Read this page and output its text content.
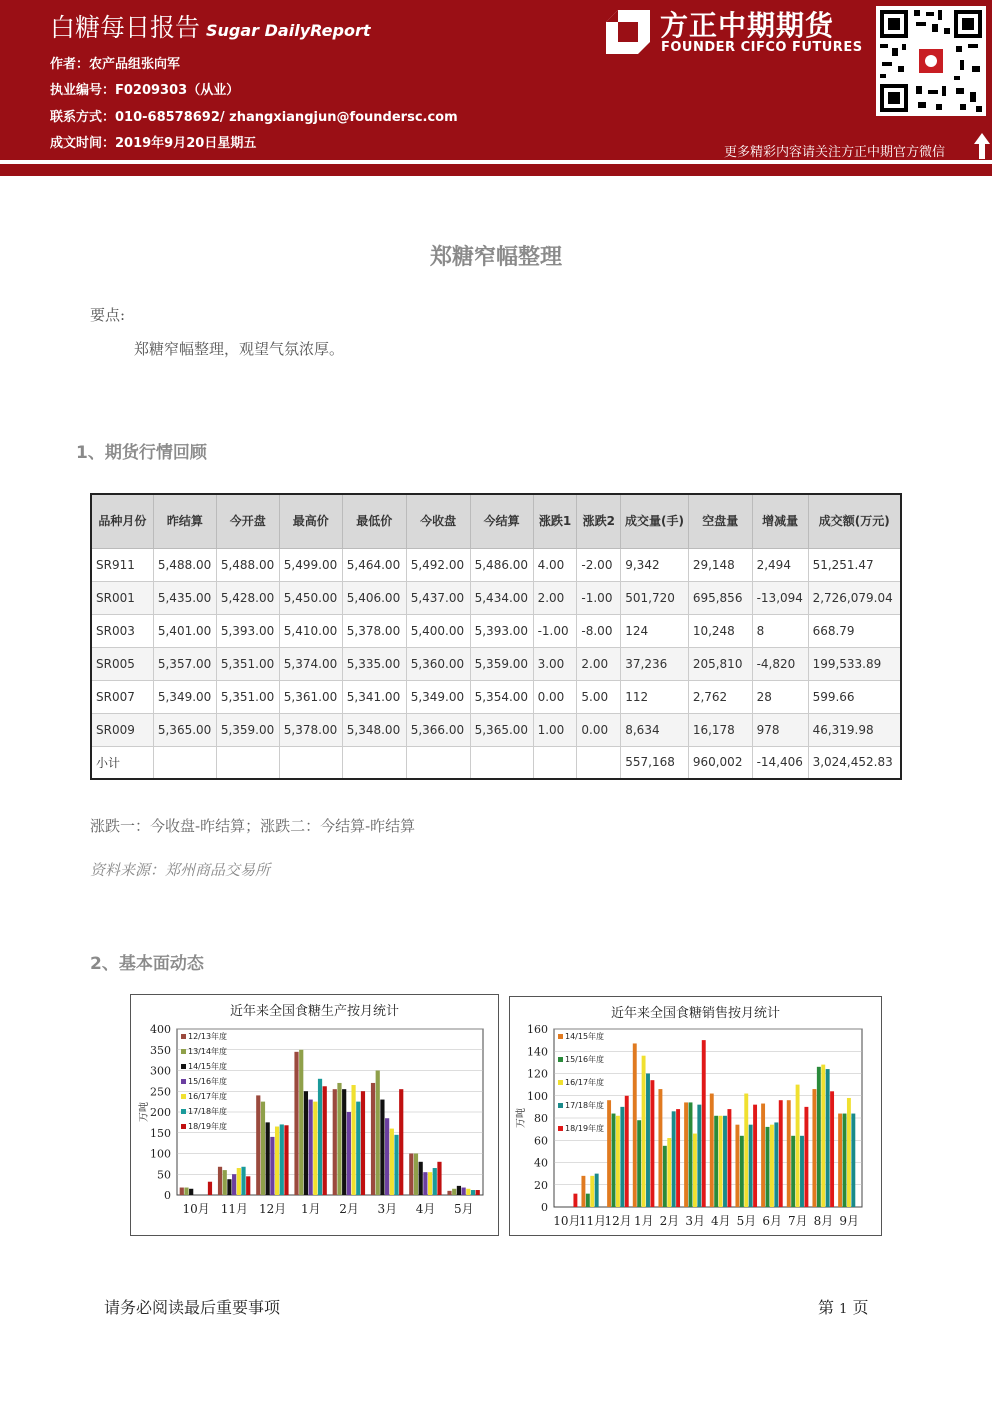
白糖每日报告 Sugar DailyReport
作者：农产品组张向军
执业编号：F0209303（从业）
联系方式：010-68578692/ zhangxiangjun@foundersc.com
成文时间：2019年9月20日星期五
方正中期期货
FOUNDER CIFCO FUTURES
更多精彩内容请关注方正中期官方微信
郑糖窄幅整理
要点:
郑糖窄幅整理，观望气氛浓厚。
1、期货行情回顾
品种月份	昨结算	今开盘	最高价	最低价	今收盘	今结算	涨跌1	涨跌2	成交量(手)	空盘量	增减量	成交额(万元)
SR911	5,488.00	5,488.00	5,499.00	5,464.00	5,492.00	5,486.00	4.00	-2.00	9,342	29,148	2,494	51,251.47
SR001	5,435.00	5,428.00	5,450.00	5,406.00	5,437.00	5,434.00	2.00	-1.00	501,720	695,856	-13,094	2,726,079.04
SR003	5,401.00	5,393.00	5,410.00	5,378.00	5,400.00	5,393.00	-1.00	-8.00	124	10,248	8	668.79
SR005	5,357.00	5,351.00	5,374.00	5,335.00	5,360.00	5,359.00	3.00	2.00	37,236	205,810	-4,820	199,533.89
SR007	5,349.00	5,351.00	5,361.00	5,341.00	5,349.00	5,354.00	0.00	5.00	112	2,762	28	599.66
SR009	5,365.00	5,359.00	5,378.00	5,348.00	5,366.00	5,365.00	1.00	0.00	8,634	16,178	978	46,319.98
小计									557,168	960,002	-14,406	3,024,452.83
涨跌一：今收盘-昨结算；涨跌二：今结算-昨结算
资料来源：郑州商品交易所
2、基本面动态
近年来全国食糖生产按月统计
0
50
100
150
200
250
300
350
400
万吨
10月 11月 12月 1月 2月 3月 4月 5月
12/13年度
13/14年度
14/15年度
15/16年度
16/17年度
17/18年度
18/19年度
近年来全国食糖销售按月统计
0
20
40
60
80
100
120
140
160
万吨
10月
11月
12月 1月 2月 3月 4月 5月 6月 7月 8月 9月
14/15年度
15/16年度
16/17年度
17/18年度
18/19年度
请务必阅读最后重要事项	第 1 页
